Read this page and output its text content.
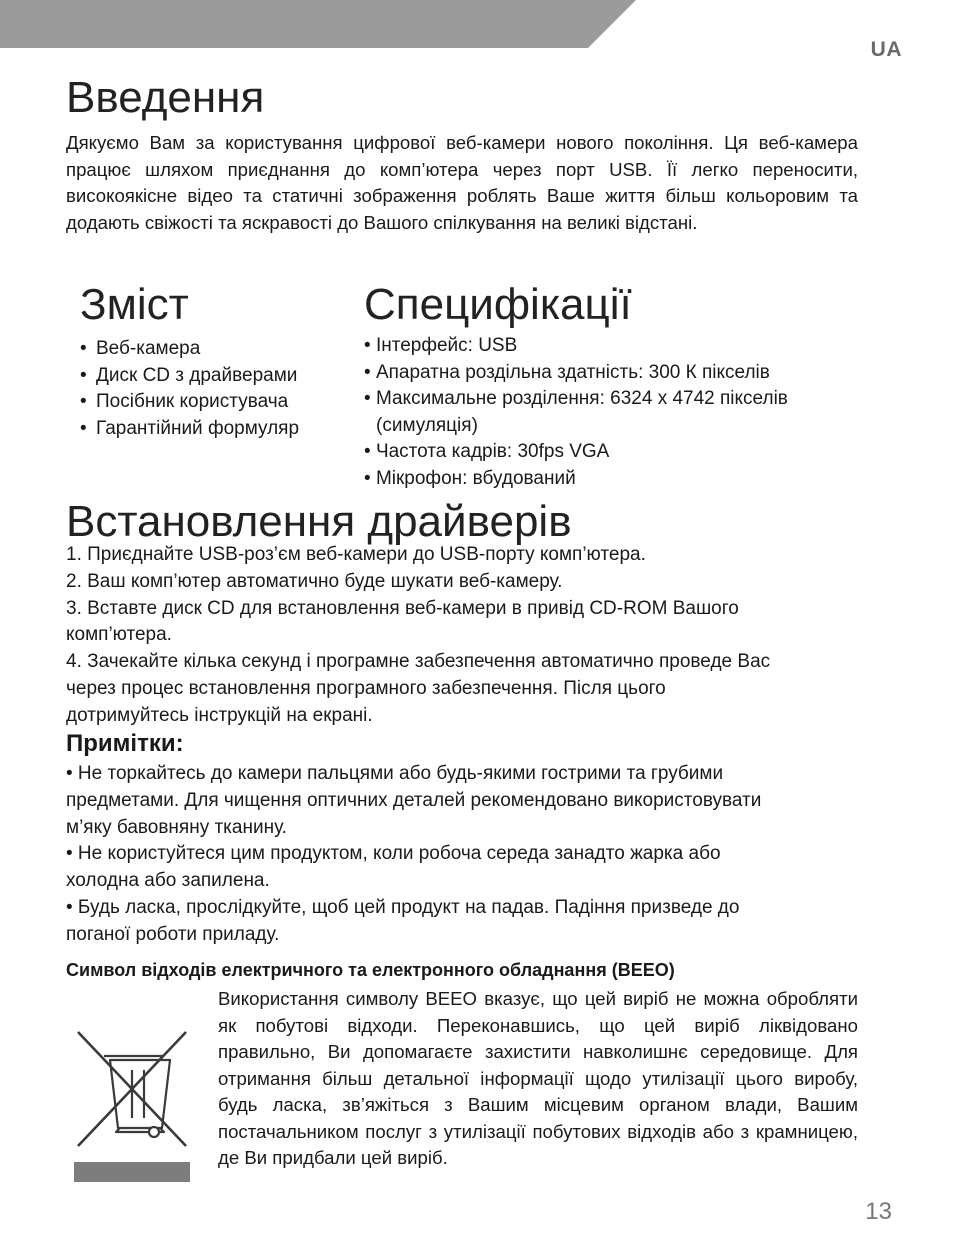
UA
Введення

Дякуємо Вам за користування цифрової веб-камери нового покоління. Ця веб-камера працює шляхом приєднання до комп’ютера через порт USB. Її легко переносити, високоякісне відео та статичні зображення роблять Ваше життя більш кольоровим та додають свіжості та яскравості до Вашого спілкування на великі відстані.

Зміст
• Веб-камера
• Диск CD з драйверами
• Посібник користувача
• Гарантійний формуляр
Специфікації
• Інтерфейс: USB
• Апаратна роздільна здатність: 300 К пікселів
• Максимальне розділення: 6324 х 4742 пікселів (симуляція)
• Частота кадрів: 30fps VGA
• Мікрофон: вбудований
Встановлення драйверів

1. Приєднайте USB-роз’єм веб-камери до USB-порту комп’ютера.

2. Ваш комп’ютер автоматично буде шукати веб-камеру.

3. Вставте диск CD для встановлення веб-камери в привід CD-ROM Вашого комп’ютера.

4. Зачекайте кілька секунд і програмне забезпечення автоматично проведе Вас через процес встановлення програмного забезпечення. Після цього дотримуйтесь інструкцій на екрані.

Примітки:

• Не торкайтесь до камери пальцями або будь-якими гострими та грубими предметами. Для чищення оптичних деталей рекомендовано використовувати м’яку бавовняну тканину.

• Не користуйтеся цим продуктом, коли робоча середа занадто жарка або холодна або запилена.

• Будь ласка, прослідкуйте, щоб цей продукт на падав. Падіння призведе до поганої роботи приладу.

Символ відходів електричного та електронного обладнання (ВЕЕО)
Використання символу ВЕЕО вказує, що цей виріб не можна обробляти як побутові відходи. Переконавшись, що цей виріб ліквідовано правильно, Ви допомагаєте захистити навколишнє середовище. Для отримання більш детальної інформації щодо утилізації цього виробу, будь ласка, зв’яжіться з Вашим місцевим органом влади, Вашим постачальником послуг з утилізації побутових відходів або з крамницею, де Ви придбали цей виріб.
13
